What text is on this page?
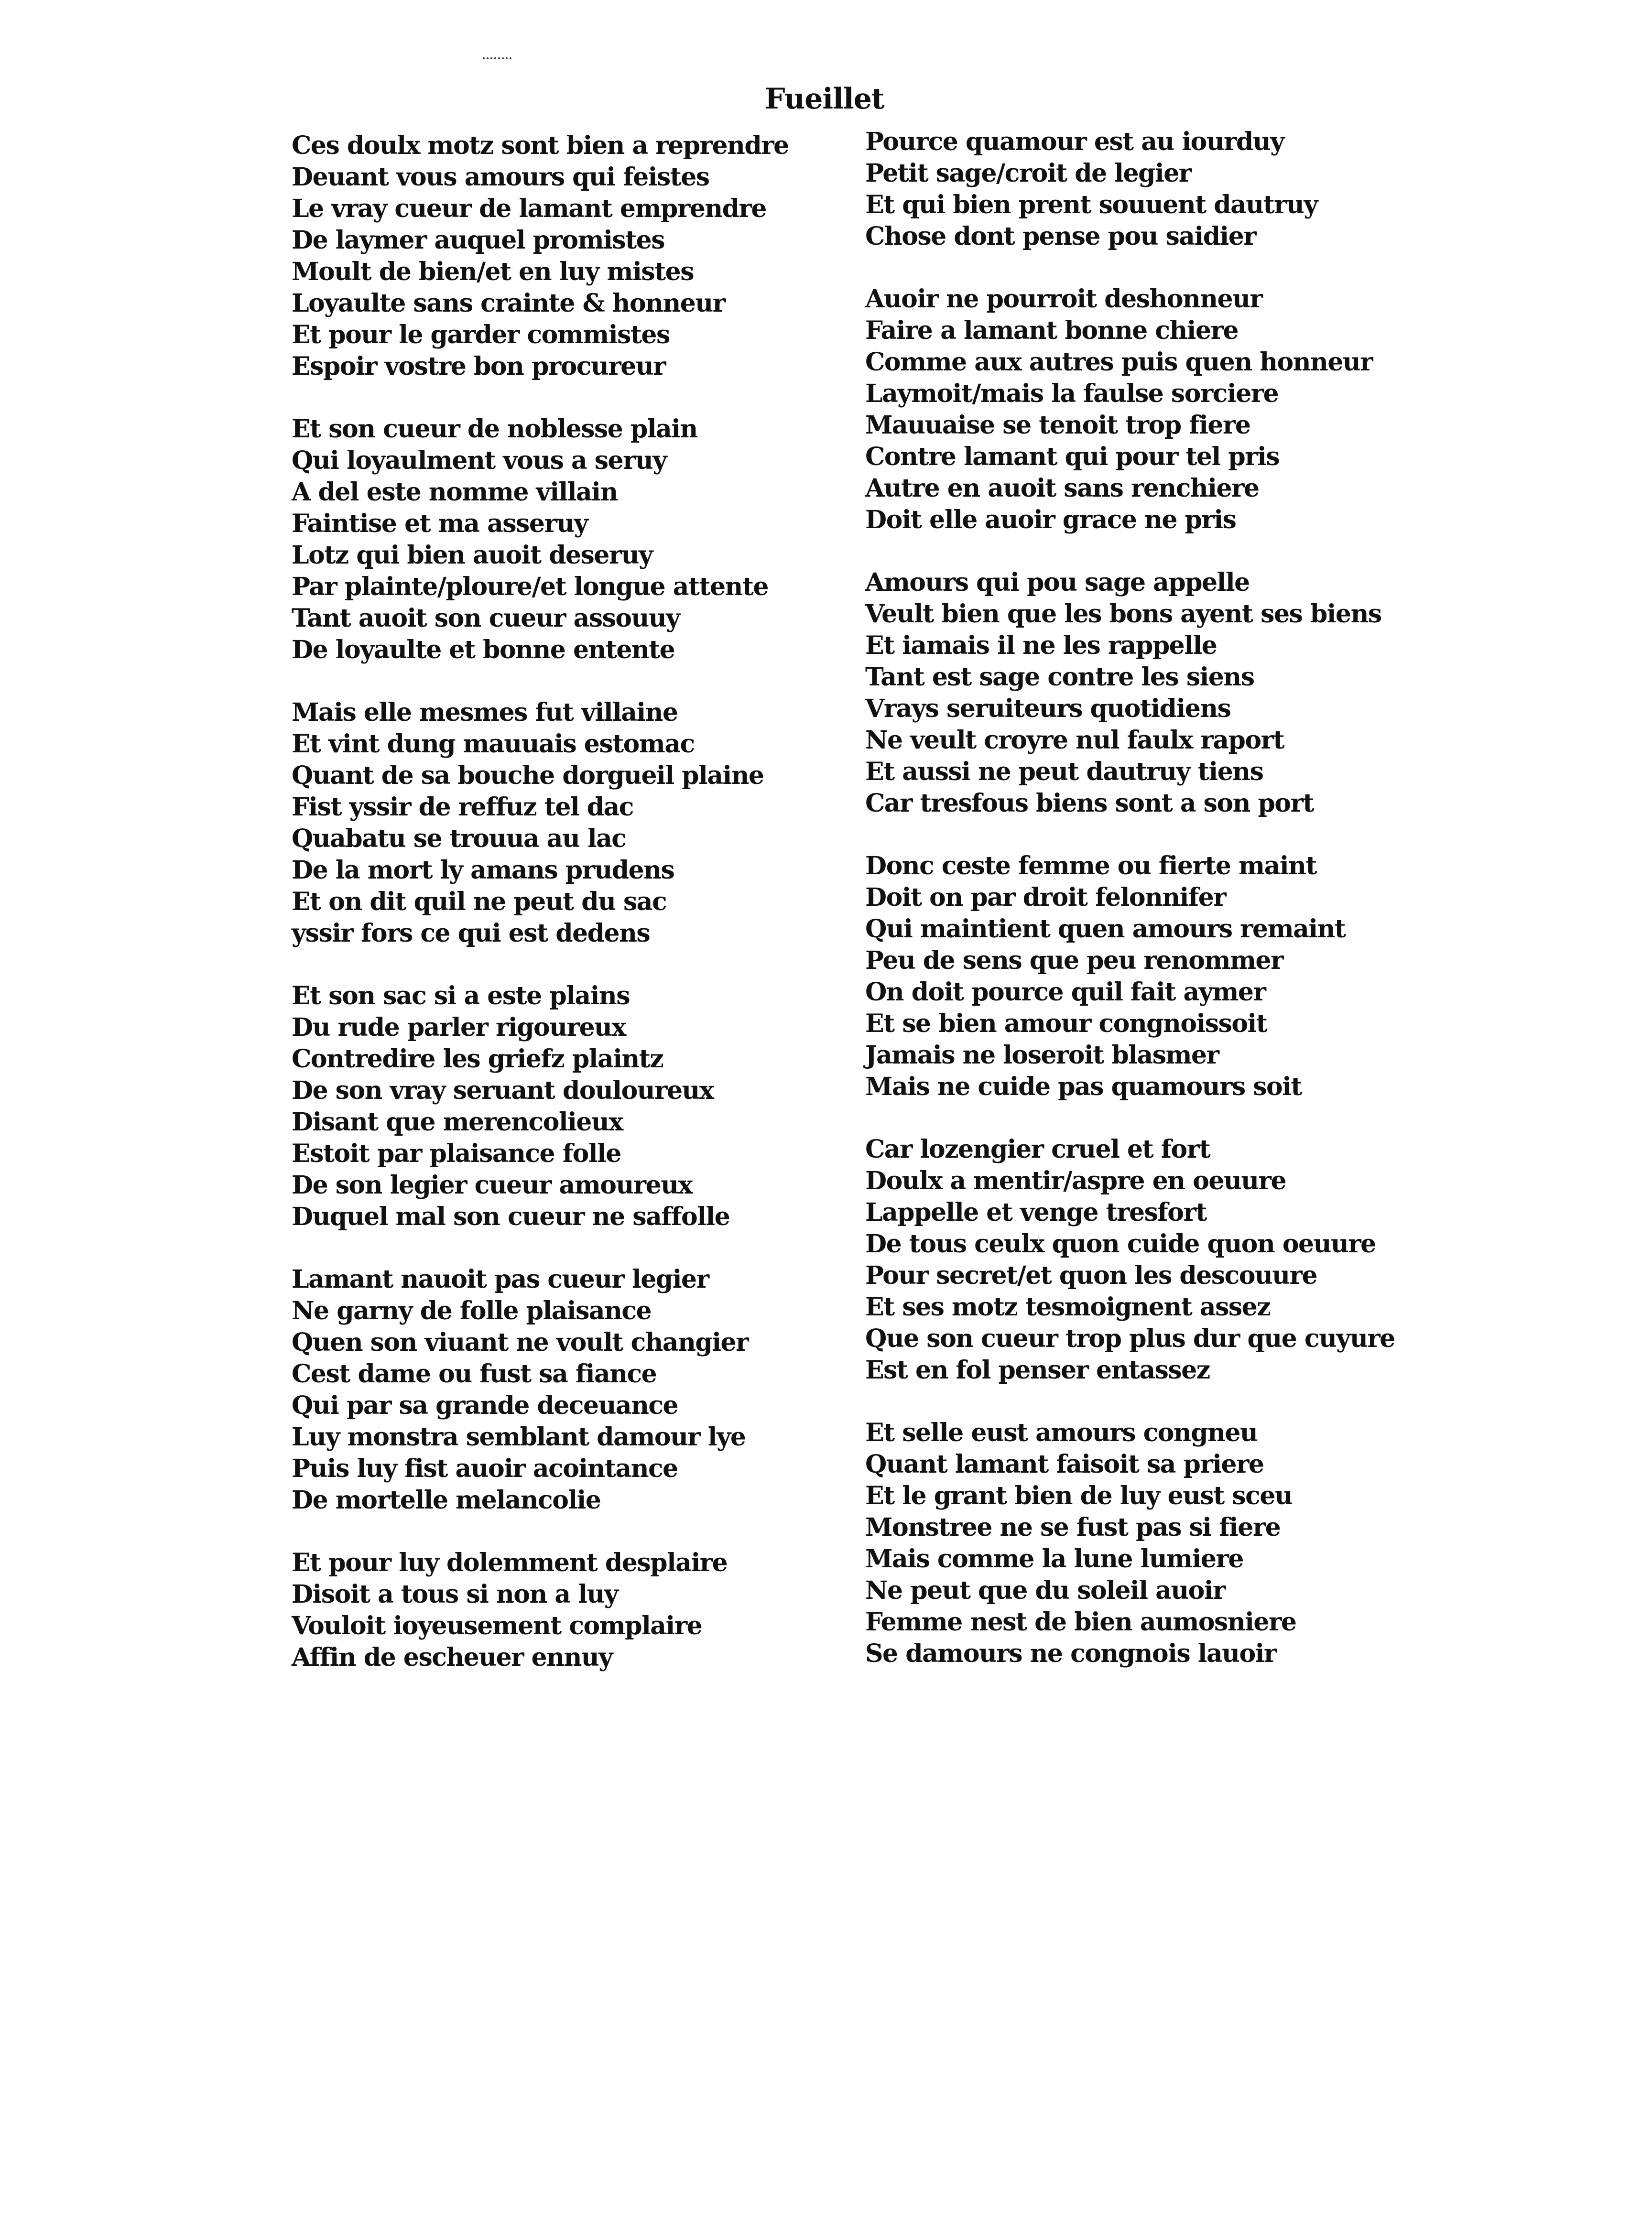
Fueillet
Ces doulx motz sont bien a reprendre
Deuant vous amours qui feistes
Le vray cueur de lamant emprendre
De laymer auquel promistes
Moult de bien/et en luy mistes
Loyaulte sans crainte & honneur
Et pour le garder commistes
Espoir vostre bon procureur
Et son cueur de noblesse plain
Qui loyaulment vous a seruy
A del este nomme villain
Faintise et ma asseruy
Lotz qui bien auoit deseruy
Par plainte/ploure/et longue attente
Tant auoit son cueur assouuy
De loyaulte et bonne entente
Mais elle mesmes fut villaine
Et vint dung mauuais estomac
Quant de sa bouche dorgueil plaine
Fist yssir de reffuz tel dac
Quabatu se trouua au lac
De la mort ly amans prudens
Et on dit quil ne peut du sac
yssir fors ce qui est dedens
Et son sac si a este plains
Du rude parler rigoureux
Contredire les griefz plaintz
De son vray seruant douloureux
Disant que merencolieux
Estoit par plaisance folle
De son legier cueur amoureux
Duquel mal son cueur ne saffolle
Lamant nauoit pas cueur legier
Ne garny de folle plaisance
Quen son viuant ne voult changier
Cest dame ou fust sa fiance
Qui par sa grande deceuance
Luy monstra semblant damour lye
Puis luy fist auoir acointance
De mortelle melancolie
Et pour luy dolemment desplaire
Disoit a tous si non a luy
Vouloit ioyeusement complaire
Affin de escheuer ennuy
Pource quamour est au iourduy
Petit sage/croit de legier
Et qui bien prent souuent dautruy
Chose dont pense pou saidier
Auoir ne pourroit deshonneur
Faire a lamant bonne chiere
Comme aux autres puis quen honneur
Laymoit/mais la faulse sorciere
Mauuaise se tenoit trop fiere
Contre lamant qui pour tel pris
Autre en auoit sans renchiere
Doit elle auoir grace ne pris
Amours qui pou sage appelle
Veult bien que les bons ayent ses biens
Et iamais il ne les rappelle
Tant est sage contre les siens
Vrays seruiteurs quotidiens
Ne veult croyre nul faulx raport
Et aussi ne peut dautruy tiens
Car tresfous biens sont a son port
Donc ceste femme ou fierte maint
Doit on par droit felonnifer
Qui maintient quen amours remaint
Peu de sens que peu renommer
On doit pource quil fait aymer
Et se bien amour congnoissoit
Jamais ne loseroit blasmer
Mais ne cuide pas quamours soit
Car lozengier cruel et fort
Doulx a mentir/aspre en oeuure
Lappelle et venge tresfort
De tous ceulx quon cuide quon oeuure
Pour secret/et quon les descouure
Et ses motz tesmoignent assez
Que son cueur trop plus dur que cuyure
Est en fol penser entassez
Et selle eust amours congneu
Quant lamant faisoit sa priere
Et le grant bien de luy eust sceu
Monstree ne se fust pas si fiere
Mais comme la lune lumiere
Ne peut que du soleil auoir
Femme nest de bien aumosniere
Se damours ne congnois lauoir
